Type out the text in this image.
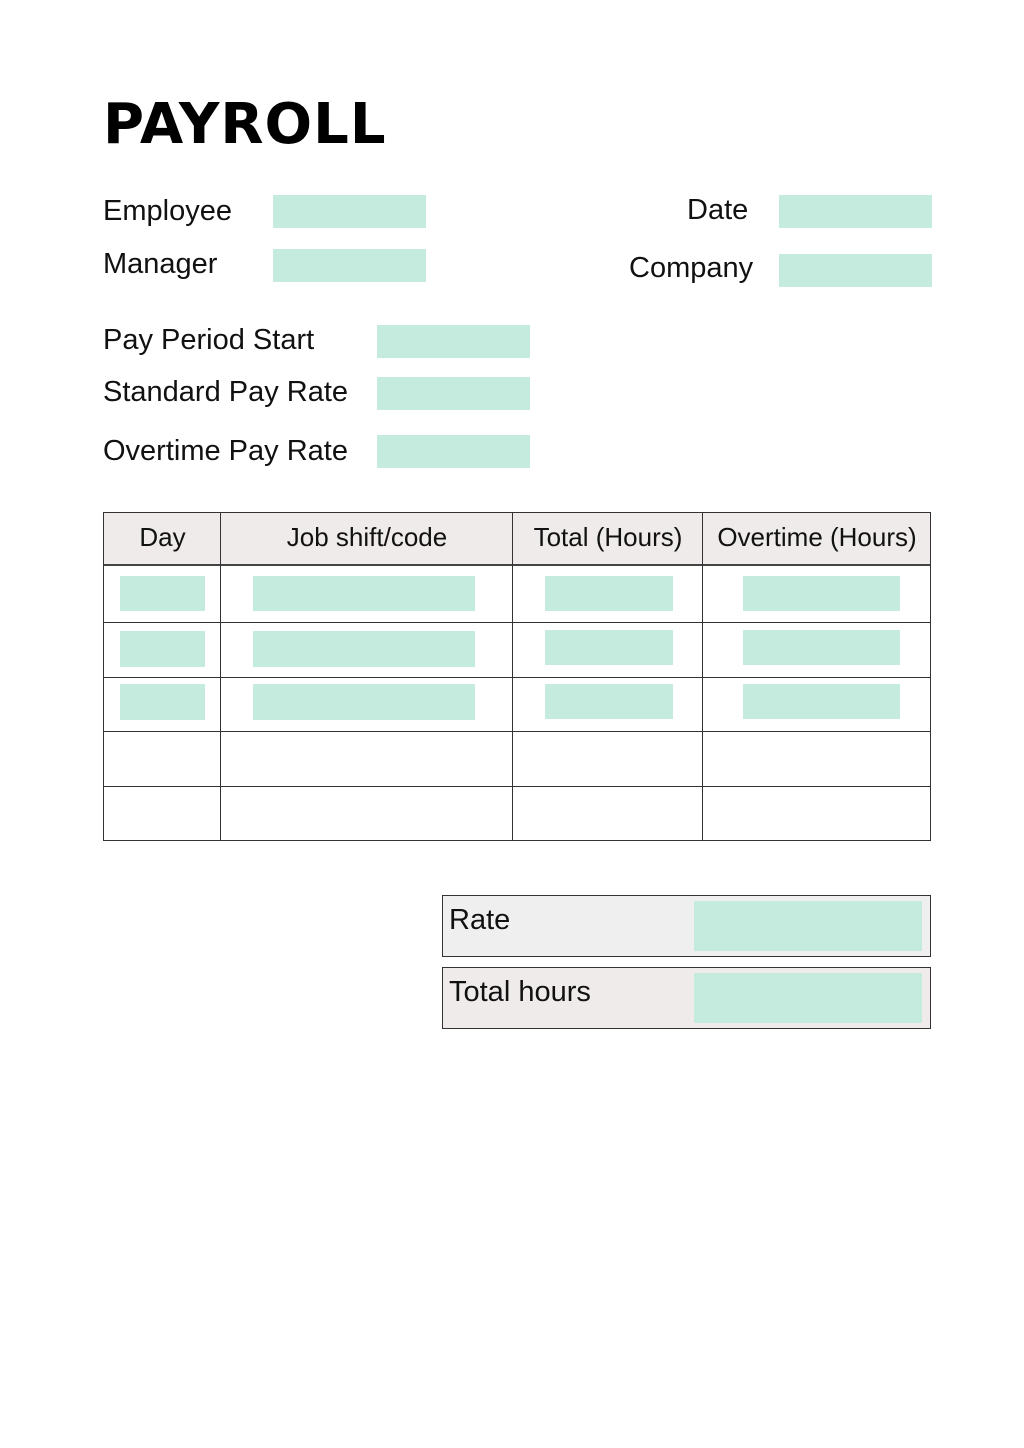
PAYROLL
Employee
Manager
Date
Company
Pay Period Start
Standard Pay Rate
Overtime Pay Rate
Day	Job shift/code	Total (Hours)	Overtime (Hours)
Rate
Total hours
